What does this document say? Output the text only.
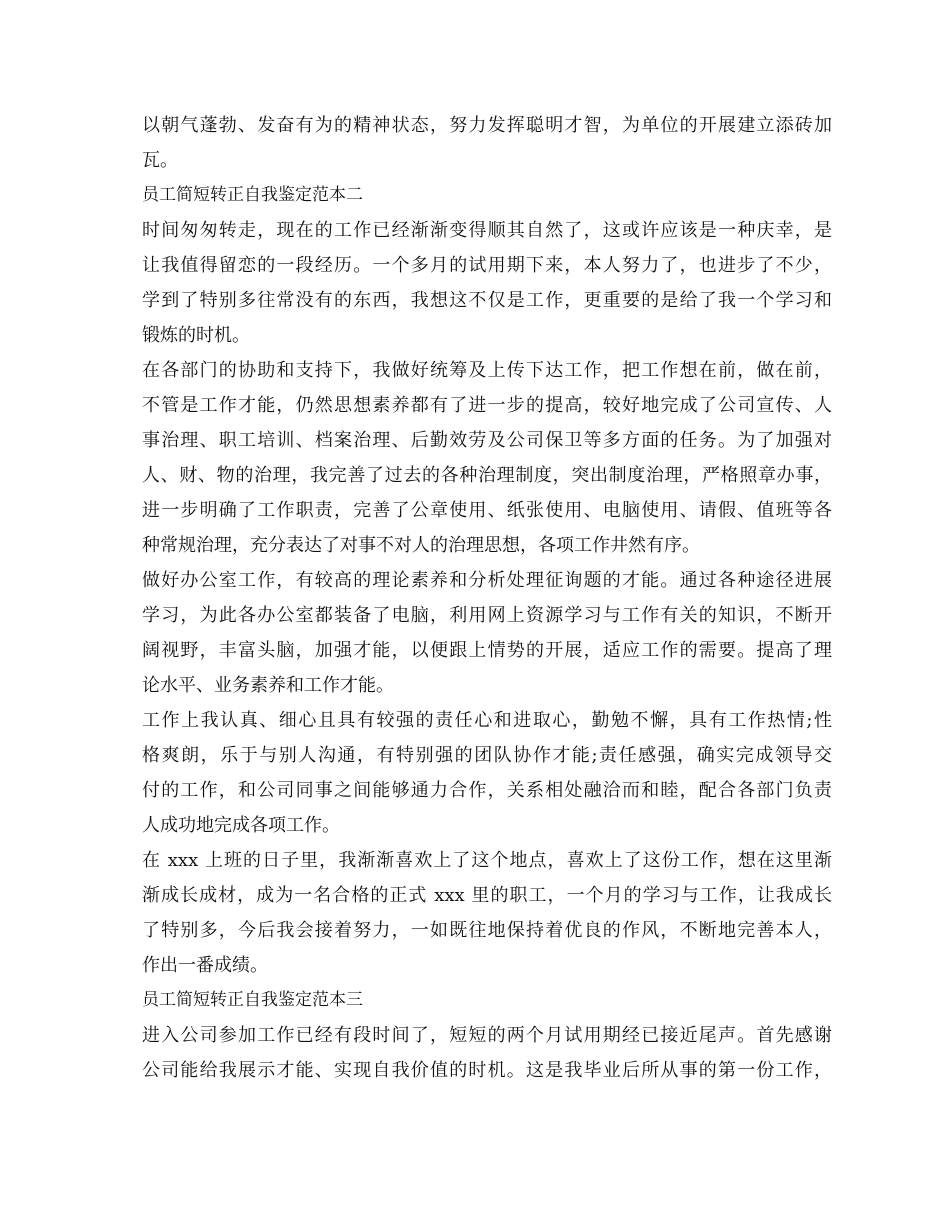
以朝气蓬勃、发奋有为的精神状态，努力发挥聪明才智，为单位的开展建立添砖加
瓦。
员工简短转正自我鉴定范本二
时间匆匆转走，现在的工作已经渐渐变得顺其自然了，这或许应该是一种庆幸，是
让我值得留恋的一段经历。一个多月的试用期下来，本人努力了，也进步了不少，
学到了特别多往常没有的东西，我想这不仅是工作，更重要的是给了我一个学习和
锻炼的时机。
在各部门的协助和支持下，我做好统筹及上传下达工作，把工作想在前，做在前，
不管是工作才能，仍然思想素养都有了进一步的提高，较好地完成了公司宣传、人
事治理、职工培训、档案治理、后勤效劳及公司保卫等多方面的任务。为了加强对
人、财、物的治理，我完善了过去的各种治理制度，突出制度治理，严格照章办事，
进一步明确了工作职责，完善了公章使用、纸张使用、电脑使用、请假、值班等各
种常规治理，充分表达了对事不对人的治理思想，各项工作井然有序。
做好办公室工作，有较高的理论素养和分析处理征询题的才能。通过各种途径进展
学习，为此各办公室都装备了电脑，利用网上资源学习与工作有关的知识，不断开
阔视野，丰富头脑，加强才能，以便跟上情势的开展，适应工作的需要。提高了理
论水平、业务素养和工作才能。
工作上我认真、细心且具有较强的责任心和进取心，勤勉不懈，具有工作热情;性
格爽朗，乐于与别人沟通，有特别强的团队协作才能;责任感强，确实完成领导交
付的工作，和公司同事之间能够通力合作，关系相处融洽而和睦，配合各部门负责
人成功地完成各项工作。
在 xxx 上班的日子里，我渐渐喜欢上了这个地点，喜欢上了这份工作，想在这里渐
渐成长成材，成为一名合格的正式 xxx 里的职工，一个月的学习与工作，让我成长
了特别多，今后我会接着努力，一如既往地保持着优良的作风，不断地完善本人，
作出一番成绩。
员工简短转正自我鉴定范本三
进入公司参加工作已经有段时间了，短短的两个月试用期经已接近尾声。首先感谢
公司能给我展示才能、实现自我价值的时机。这是我毕业后所从事的第一份工作，
